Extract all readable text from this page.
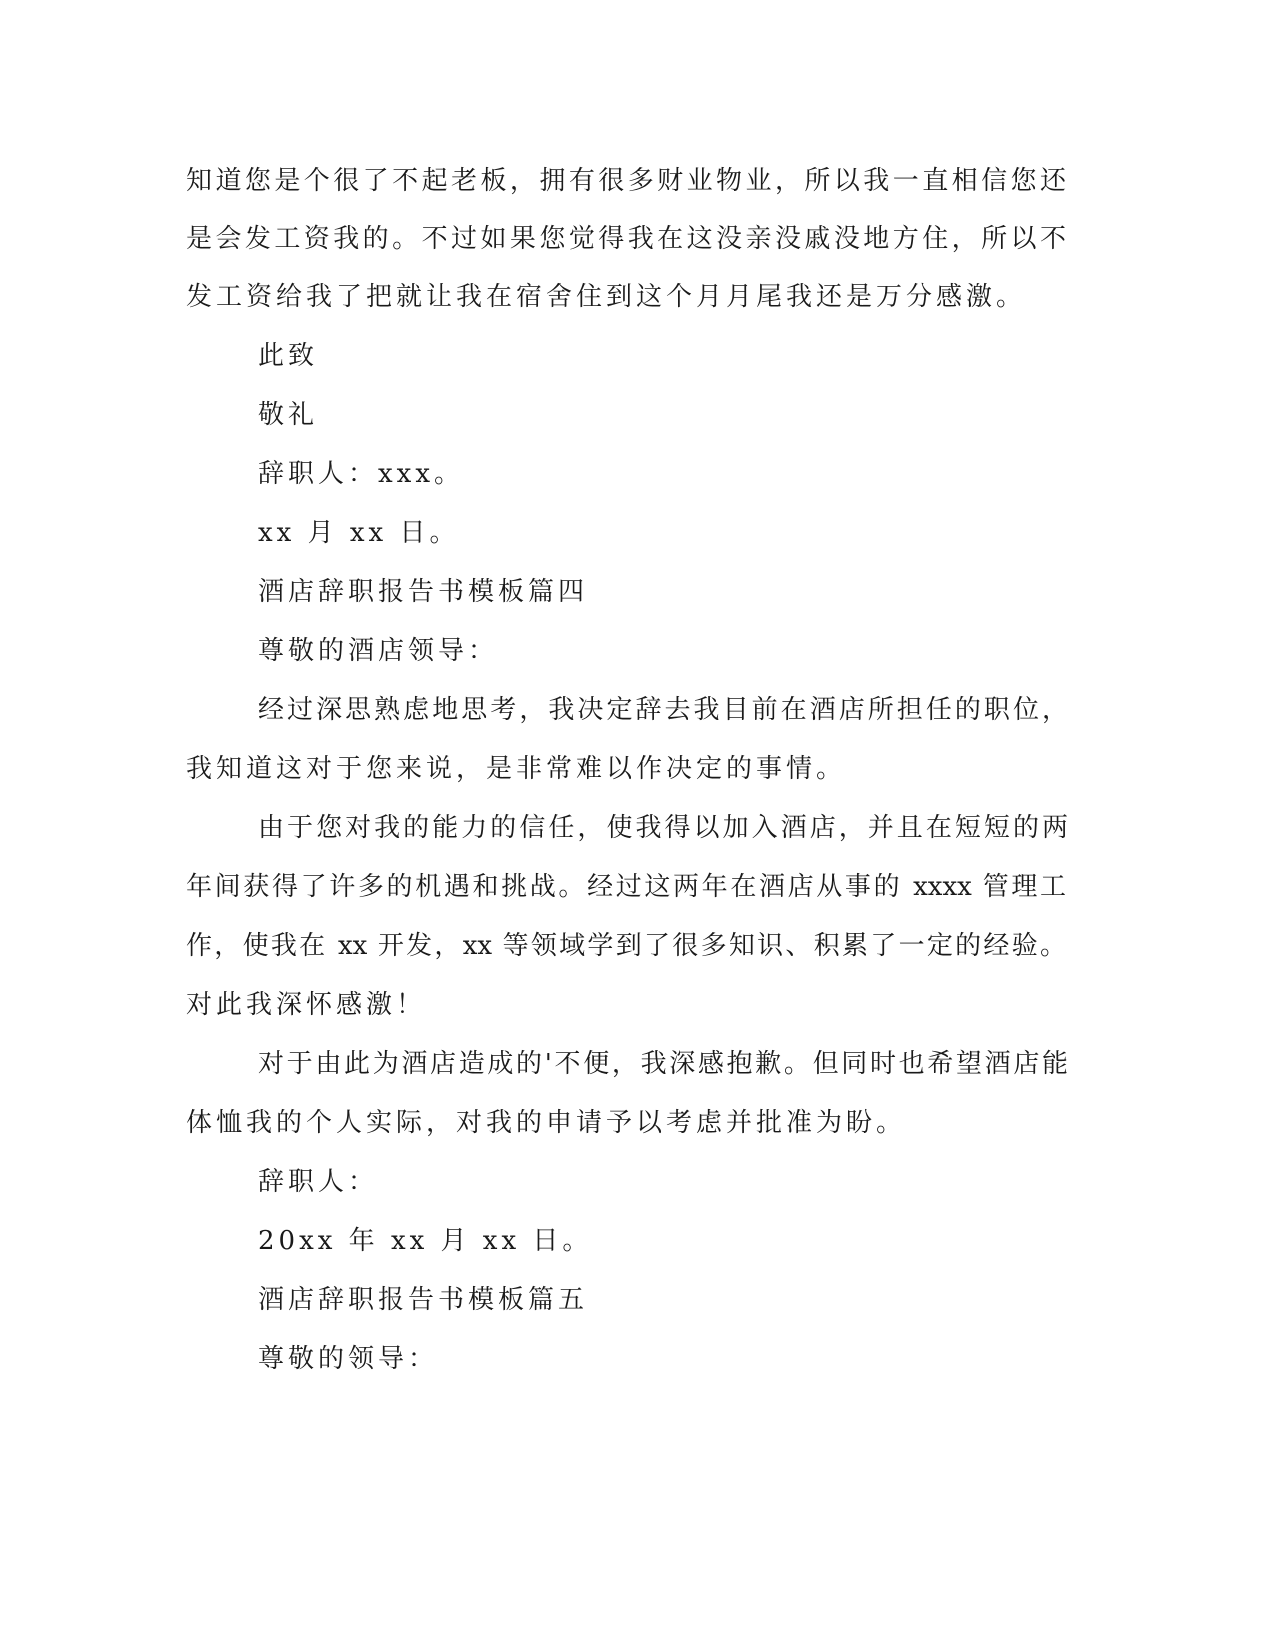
知道您是个很了不起老板，拥有很多财业物业，所以我一直相信您还
是会发工资我的。不过如果您觉得我在这没亲没戚没地方住，所以不
发工资给我了把就让我在宿舍住到这个月月尾我还是万分感激。
此致
敬礼
辞职人：xxx。
xx 月 xx 日。
酒店辞职报告书模板篇四
尊敬的酒店领导：
经过深思熟虑地思考，我决定辞去我目前在酒店所担任的职位，
我知道这对于您来说，是非常难以作决定的事情。
由于您对我的能力的信任，使我得以加入酒店，并且在短短的两
年间获得了许多的机遇和挑战。经过这两年在酒店从事的 xxxx 管理工
作，使我在 xx 开发，xx 等领域学到了很多知识、积累了一定的经验。
对此我深怀感激！
对于由此为酒店造成的'不便，我深感抱歉。但同时也希望酒店能
体恤我的个人实际，对我的申请予以考虑并批准为盼。
辞职人：
20xx 年 xx 月 xx 日。
酒店辞职报告书模板篇五
尊敬的领导：
